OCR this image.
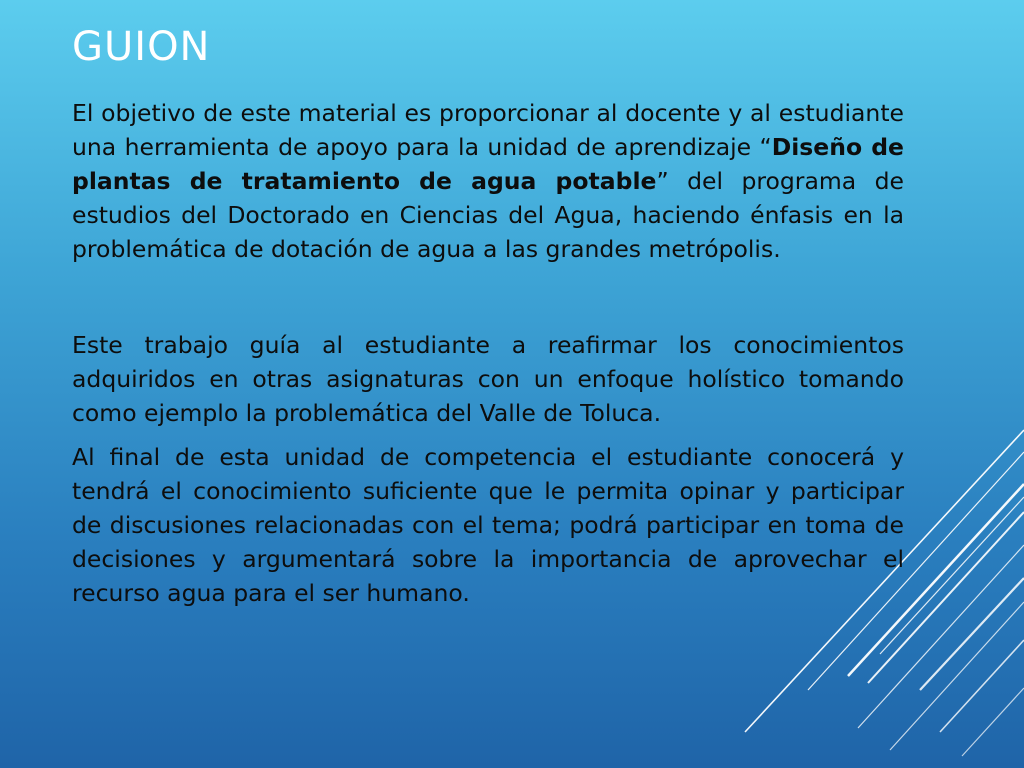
GUION

El objetivo de este material es proporcionar al docente y al estudiante una herramienta de apoyo para la unidad de aprendizaje “Diseño de plantas de tratamiento de agua potable” del programa de estudios del Doctorado en Ciencias del Agua, haciendo énfasis en la problemática de dotación de agua a las grandes metrópolis.

Este trabajo guía al estudiante a reafirmar los conocimientos adquiridos en otras asignaturas con un enfoque holístico tomando como ejemplo la problemática del Valle de Toluca.

Al final de esta unidad de competencia el estudiante conocerá y tendrá el conocimiento suficiente que le permita opinar y participar de discusiones relacionadas con el tema; podrá participar en toma de decisiones y argumentará sobre la importancia de aprovechar el recurso agua para el ser humano.
